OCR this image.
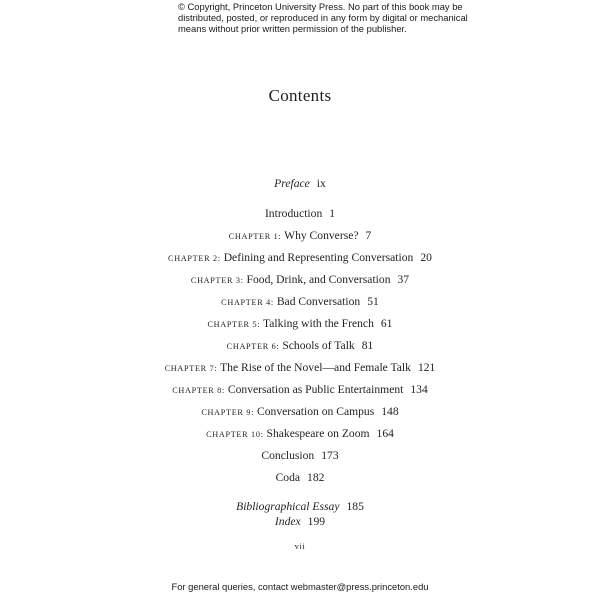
© Copyright, Princeton University Press. No part of this book may be
distributed, posted, or reproduced in any form by digital or mechanical
means without prior written permission of the publisher.
Contents
Preface ix
Introduction 1
CHAPTER 1: Why Converse? 7
CHAPTER 2: Defining and Representing Conversation 20
CHAPTER 3: Food, Drink, and Conversation 37
CHAPTER 4: Bad Conversation 51
CHAPTER 5: Talking with the French 61
CHAPTER 6: Schools of Talk 81
CHAPTER 7: The Rise of the Novel—and Female Talk 121
CHAPTER 8: Conversation as Public Entertainment 134
CHAPTER 9: Conversation on Campus 148
CHAPTER 10: Shakespeare on Zoom 164
Conclusion 173
Coda 182
Bibliographical Essay 185
Index 199
vii
For general queries, contact webmaster@press.princeton.edu
